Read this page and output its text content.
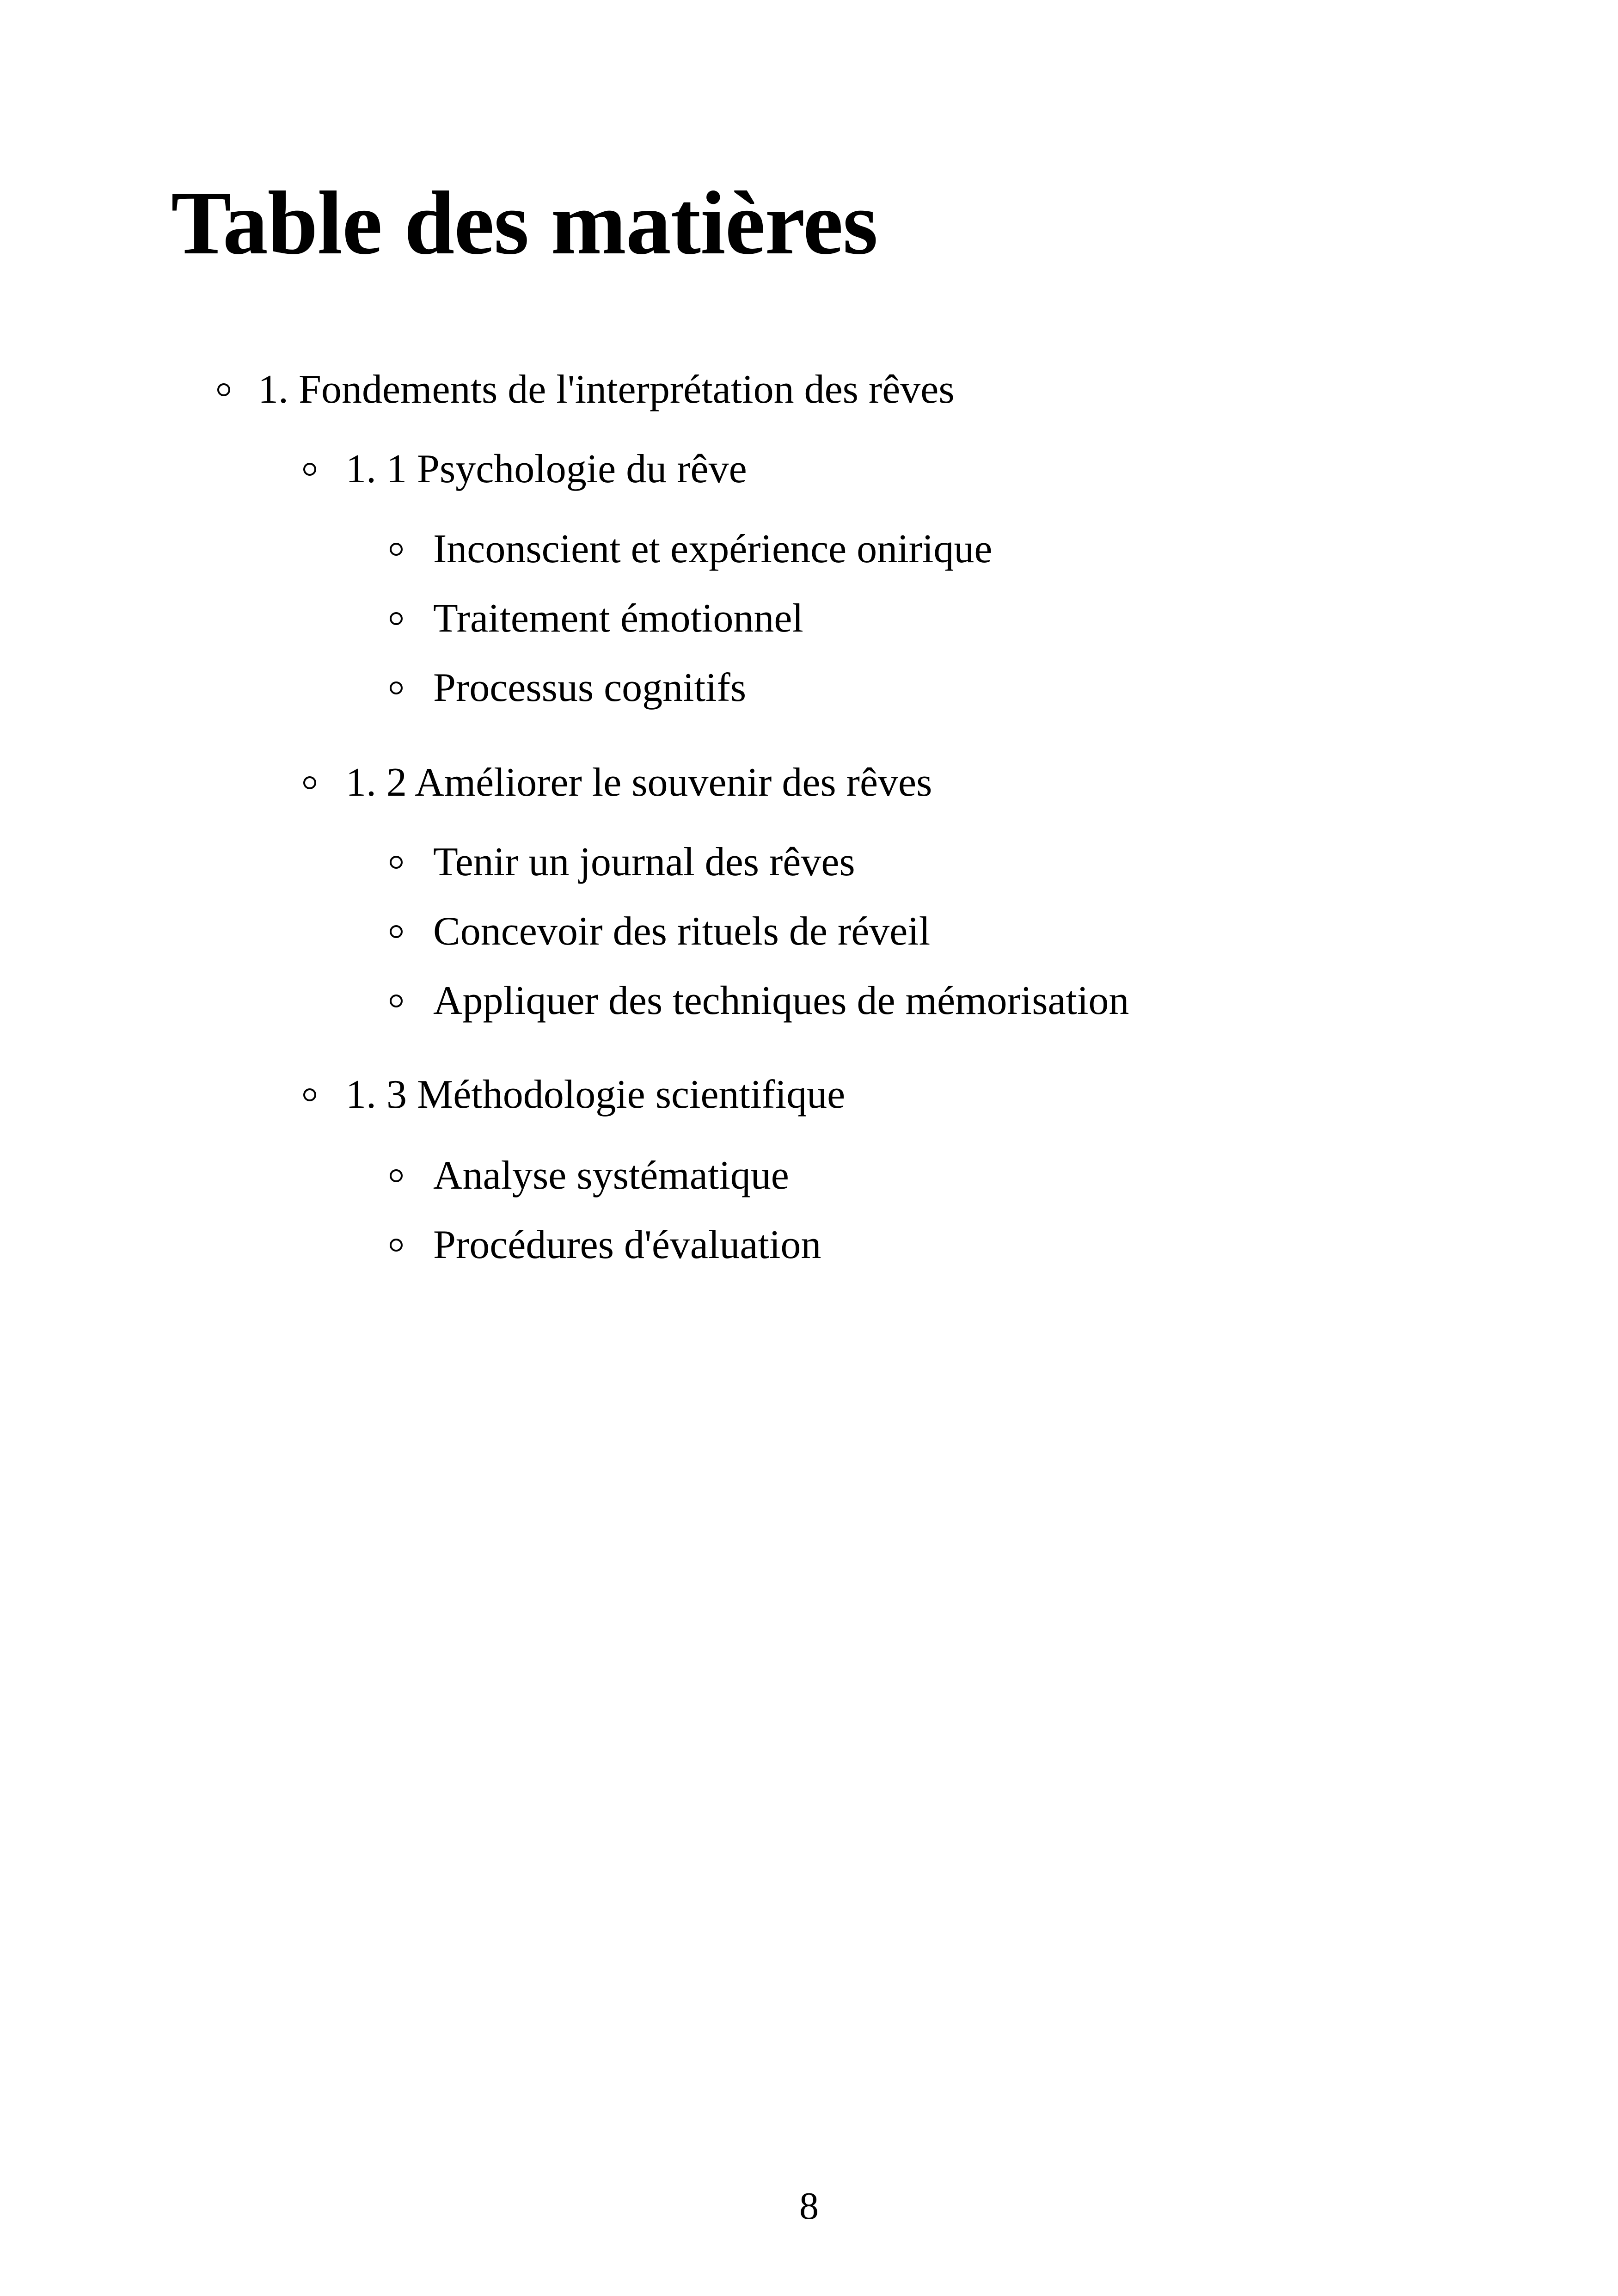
Table des matières
1. Fondements de l'interprétation des rêves
1. 1 Psychologie du rêve
Inconscient et expérience onirique
Traitement émotionnel
Processus cognitifs
1. 2 Améliorer le souvenir des rêves
Tenir un journal des rêves
Concevoir des rituels de réveil
Appliquer des techniques de mémorisation
1. 3 Méthodologie scientifique
Analyse systématique
Procédures d'évaluation
8
